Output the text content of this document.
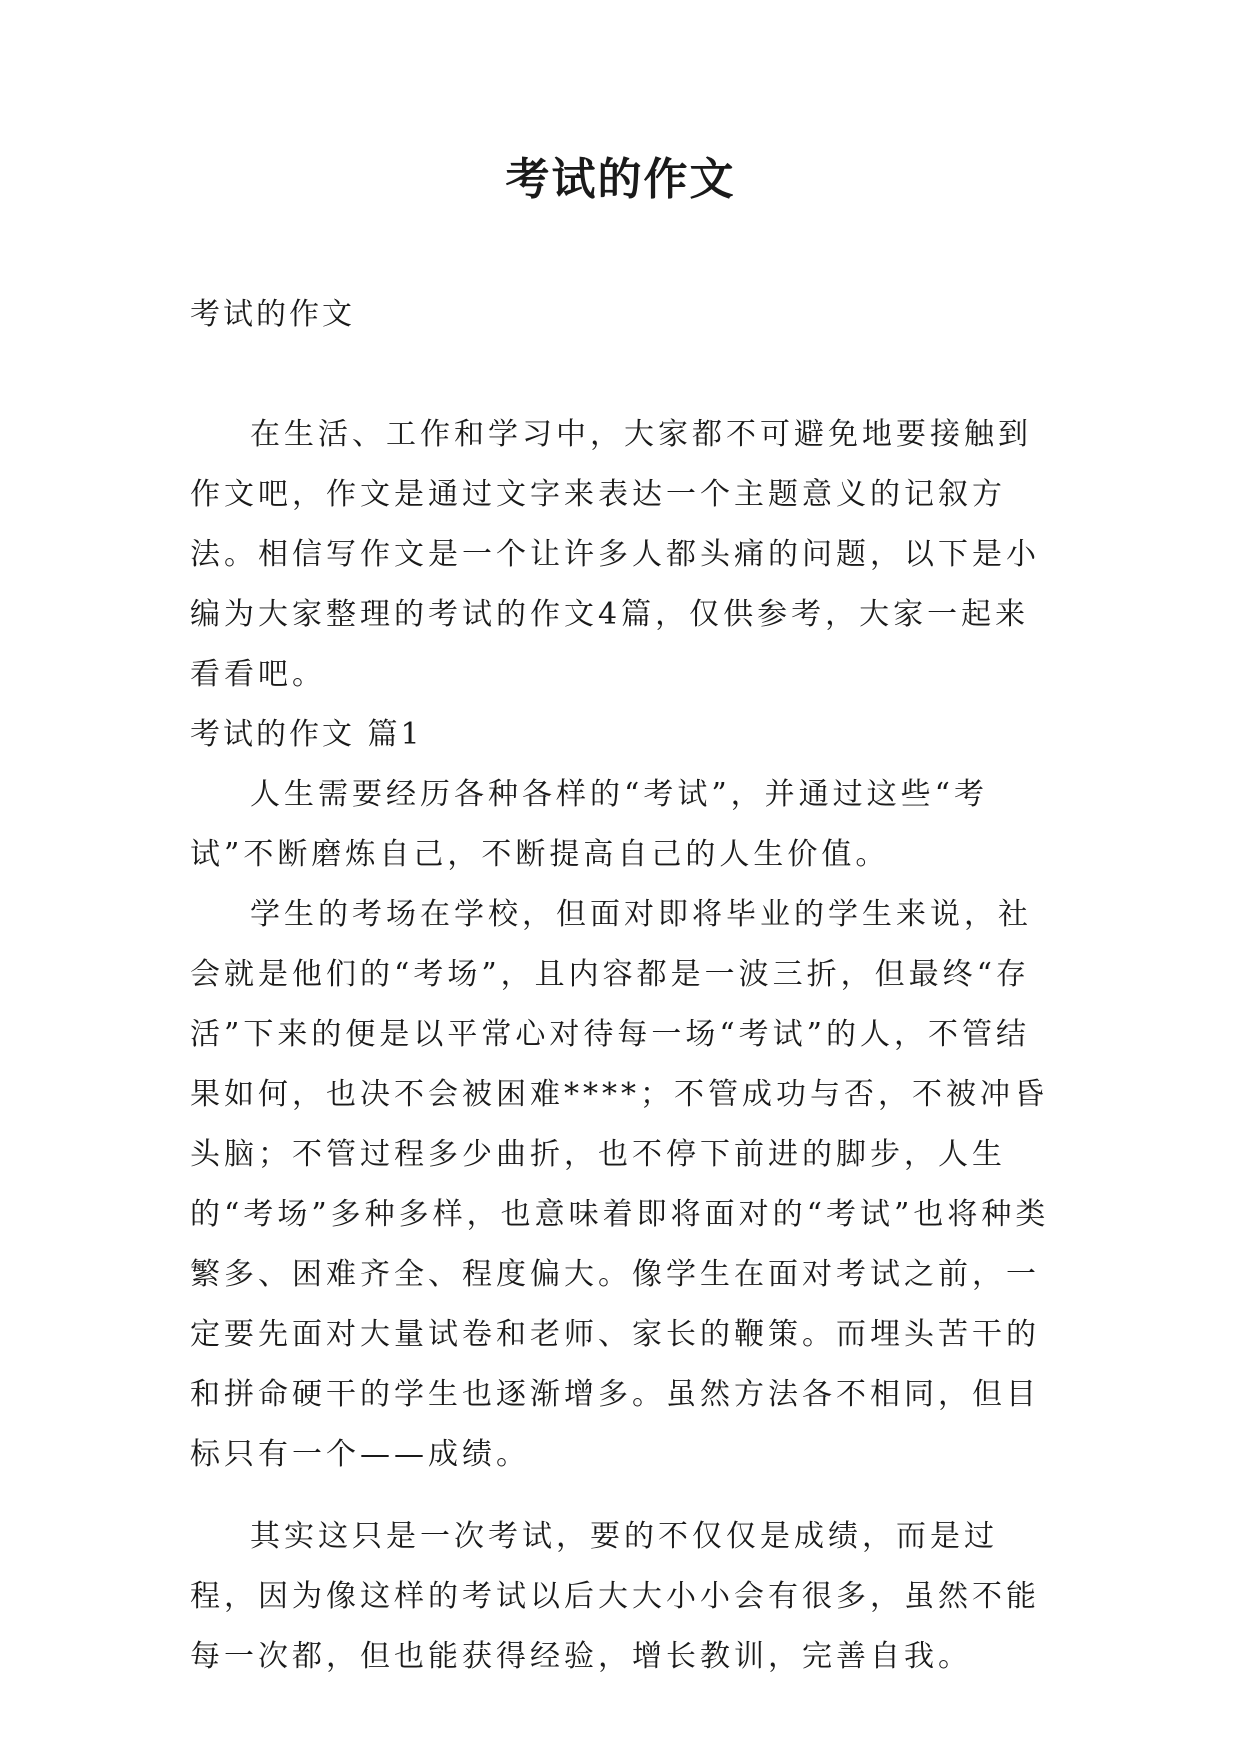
考试的作文

考试的作文

在生活、工作和学习中，大家都不可避免地要接触到作文吧，作文是通过文字来表达一个主题意义的记叙方法。相信写作文是一个让许多人都头痛的问题，以下是小编为大家整理的考试的作文4篇，仅供参考，大家一起来看看吧。

考试的作文 篇1

人生需要经历各种各样的“考试”，并通过这些“考试”不断磨炼自己，不断提高自己的人生价值。

学生的考场在学校，但面对即将毕业的学生来说，社会就是他们的“考场”，且内容都是一波三折，但最终“存活”下来的便是以平常心对待每一场“考试”的人，不管结果如何，也决不会被困难****；不管成功与否，不被冲昏头脑；不管过程多少曲折，也不停下前进的脚步，人生的“考场”多种多样，也意味着即将面对的“考试”也将种类繁多、困难齐全、程度偏大。像学生在面对考试之前，一定要先面对大量试卷和老师、家长的鞭策。而埋头苦干的和拼命硬干的学生也逐渐增多。虽然方法各不相同，但目标只有一个——成绩。

其实这只是一次考试，要的不仅仅是成绩，而是过程，因为像这样的考试以后大大小小会有很多，虽然不能每一次都，但也能获得经验，增长教训，完善自我。
